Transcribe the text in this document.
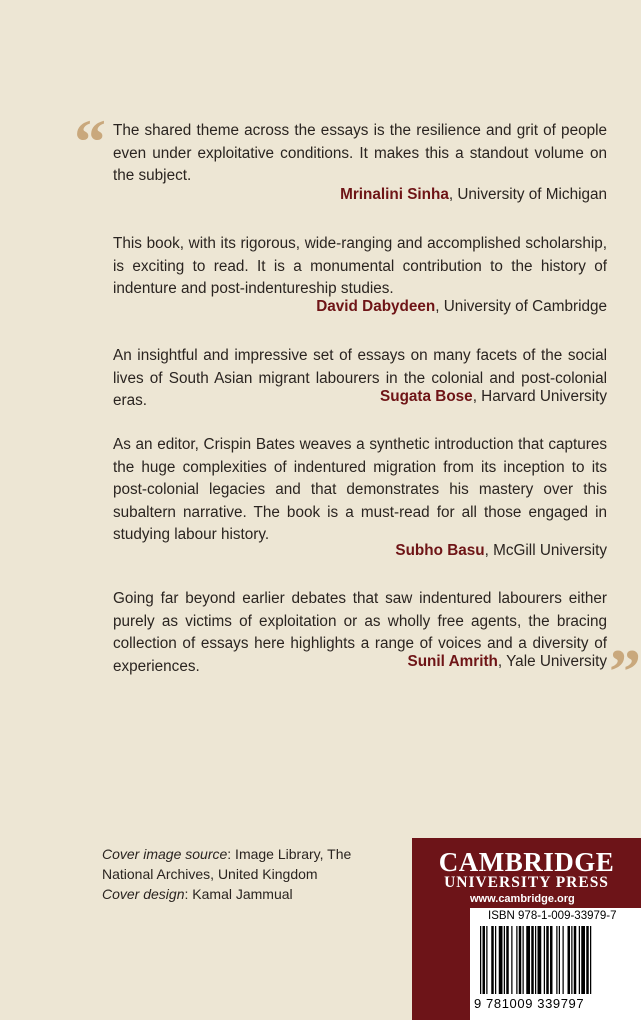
“ The shared theme across the essays is the resilience and grit of people even under exploitative conditions. It makes this a standout volume on the subject.
Mrinalini Sinha, University of Michigan
This book, with its rigorous, wide-ranging and accomplished scholarship, is exciting to read. It is a monumental contribution to the history of indenture and post-indentureship studies.
David Dabydeen, University of Cambridge
An insightful and impressive set of essays on many facets of the social lives of South Asian migrant labourers in the colonial and post-colonial eras.	Sugata Bose, Harvard University
As an editor, Crispin Bates weaves a synthetic introduction that captures the huge complexities of indentured migration from its inception to its post-colonial legacies and that demonstrates his mastery over this subaltern narrative. The book is a must-read for all those engaged in studying labour history.
Subho Basu, McGill University
Going far beyond earlier debates that saw indentured labourers either purely as victims of exploitation or as wholly free agents, the bracing collection of essays here highlights a range of voices and a diversity of experiences.	Sunil Amrith, Yale University ”
Cover image source: Image Library, The National Archives, United Kingdom
Cover design: Kamal Jammual
CAMBRIDGE
UNIVERSITY PRESS
www.cambridge.org
ISBN 978-1-009-33979-7
9 781009 339797
